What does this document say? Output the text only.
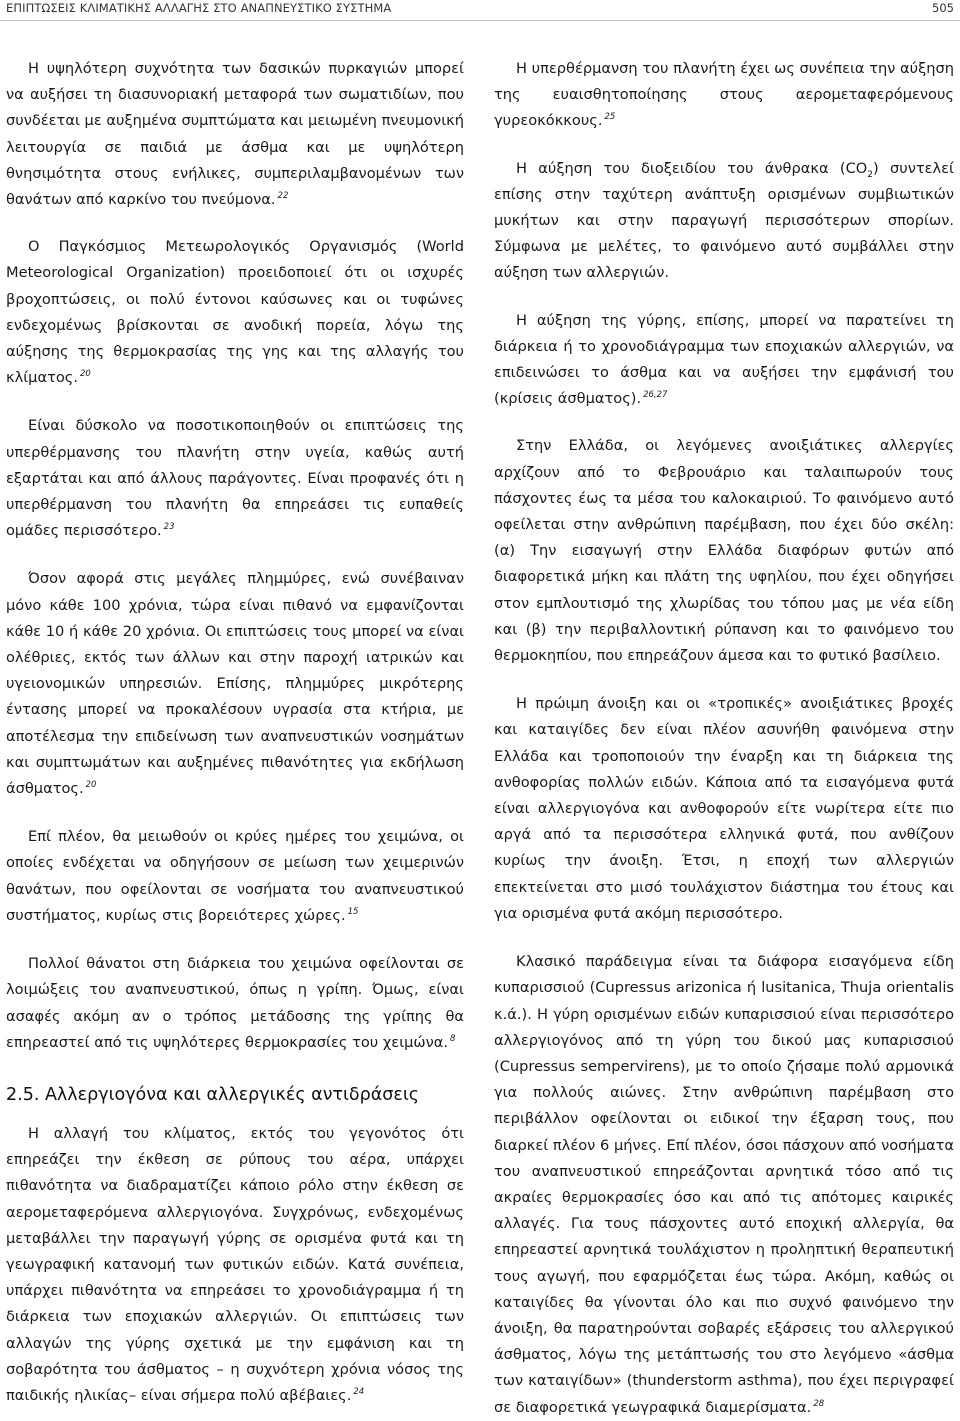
ΕΠΙΠΤΩΣΕΙΣ ΚΛΙΜΑΤΙΚΗΣ ΑΛΛΑΓΗΣ ΣΤΟ ΑΝΑΠΝΕΥΣΤΙΚΟ ΣΥΣΤΗΜΑ	505

Η υψηλότερη συχνότητα των δασικών πυρκαγιών μπορεί να αυξήσει τη διασυνοριακή μεταφορά των σωματιδίων, που συνδέεται με αυξημένα συμπτώματα και μειωμένη πνευμονική λειτουργία σε παιδιά με άσθμα και με υψηλότερη θνησιμότητα στους ενήλικες, συμπεριλαμβανομένων των θανάτων από καρκίνο του πνεύμονα. $^{22}$

Ο Παγκόσμιος Μετεωρολογικός Οργανισμός (World Meteorological Organization) προειδοποιεί ότι οι ισχυρές βροχοπτώσεις, οι πολύ έντονοι καύσωνες και οι τυφώνες ενδεχομένως βρίσκονται σε ανοδική πορεία, λόγω της αύξησης της θερμοκρασίας της γης και της αλλαγής του κλίματος. $^{20}$

Είναι δύσκολο να ποσοτικοποιηθούν οι επιπτώσεις της υπερθέρμανσης του πλανήτη στην υγεία, καθώς αυτή εξαρτάται και από άλλους παράγοντες. Είναι προφανές ότι η υπερθέρμανση του πλανήτη θα επηρεάσει τις ευπαθείς ομάδες περισσότερο. $^{23}$

Όσον αφορά στις μεγάλες πλημμύρες, ενώ συνέβαιναν μόνο κάθε 100 χρόνια, τώρα είναι πιθανό να εμφανίζονται κάθε 10 ή κάθε 20 χρόνια. Οι επιπτώσεις τους μπορεί να είναι ολέθριες, εκτός των άλλων και στην παροχή ιατρικών και υγειονομικών υπηρεσιών. Επίσης, πλημμύρες μικρότερης έντασης μπορεί να προκαλέσουν υγρασία στα κτήρια, με αποτέλεσμα την επιδείνωση των αναπνευστικών νοσημάτων και συμπτωμάτων και αυξημένες πιθανότητες για εκδήλωση άσθματος. $^{20}$

Επί πλέον, θα μειωθούν οι κρύες ημέρες του χειμώνα, οι οποίες ενδέχεται να οδηγήσουν σε μείωση των χειμερινών θανάτων, που οφείλονται σε νοσήματα του αναπνευστικού συστήματος, κυρίως στις βορειότερες χώρες. $^{15}$

Πολλοί θάνατοι στη διάρκεια του χειμώνα οφείλονται σε λοιμώξεις του αναπνευστικού, όπως η γρίπη. Όμως, είναι ασαφές ακόμη αν ο τρόπος μετάδοσης της γρίπης θα επηρεαστεί από τις υψηλότερες θερμοκρασίες του χειμώνα. $^8$

2.5. Αλλεργιογόνα και αλλεργικές αντιδράσεις

Η αλλαγή του κλίματος, εκτός του γεγονότος ότι επηρεάζει την έκθεση σε ρύπους του αέρα, υπάρχει πιθανότητα να διαδραματίζει κάποιο ρόλο στην έκθεση σε αερομεταφερόμενα αλλεργιογόνα. Συγχρόνως, ενδεχομένως μεταβάλλει την παραγωγή γύρης σε ορισμένα φυτά και τη γεωγραφική κατανομή των φυτικών ειδών. Κατά συνέπεια, υπάρχει πιθανότητα να επηρεάσει το χρονοδιάγραμμα ή τη διάρκεια των εποχιακών αλλεργιών. Οι επιπτώσεις των αλλαγών της γύρης σχετικά με την εμφάνιση και τη σοβαρότητα του άσθματος – η συχνότερη χρόνια νόσος της παιδικής ηλικίας– είναι σήμερα πολύ αβέβαιες. $^{24}$

Η υπερθέρμανση του πλανήτη έχει ως συνέπεια την αύξηση της ευαισθητοποίησης στους αερομεταφερόμενους γυρεοκόκκους. $^{25}$

Η αύξηση του διοξειδίου του άνθρακα $(CO_2)$ συντελεί επίσης στην ταχύτερη ανάπτυξη ορισμένων συμβιωτικών μυκήτων και στην παραγωγή περισσότερων σπορίων. Σύμφωνα με μελέτες, το φαινόμενο αυτό συμβάλλει στην αύξηση των αλλεργιών.

Η αύξηση της γύρης, επίσης, μπορεί να παρατείνει τη διάρκεια ή το χρονοδιάγραμμα των εποχιακών αλλεργιών, να επιδεινώσει το άσθμα και να αυξήσει την εμφάνισή του (κρίσεις άσθματος). $^{26,27}$

Στην Ελλάδα, οι λεγόμενες ανοιξιάτικες αλλεργίες αρχίζουν από το Φεβρουάριο και ταλαιπωρούν τους πάσχοντες έως τα μέσα του καλοκαιριού. Το φαινόμενο αυτό οφείλεται στην ανθρώπινη παρέμβαση, που έχει δύο σκέλη: (α) Την εισαγωγή στην Ελλάδα διαφόρων φυτών από διαφορετικά μήκη και πλάτη της υφηλίου, που έχει οδηγήσει στον εμπλουτισμό της χλωρίδας του τόπου μας με νέα είδη και (β) την περιβαλλοντική ρύπανση και το φαινόμενο του θερμοκηπίου, που επηρεάζουν άμεσα και το φυτικό βασίλειο.

Η πρώιμη άνοιξη και οι «τροπικές» ανοιξιάτικες βροχές και καταιγίδες δεν είναι πλέον ασυνήθη φαινόμενα στην Ελλάδα και τροποποιούν την έναρξη και τη διάρκεια της ανθοφορίας πολλών ειδών. Κάποια από τα εισαγόμενα φυτά είναι αλλεργιογόνα και ανθοφορούν είτε νωρίτερα είτε πιο αργά από τα περισσότερα ελληνικά φυτά, που ανθίζουν κυρίως την άνοιξη. Έτσι, η εποχή των αλλεργιών επεκτείνεται στο μισό τουλάχιστον διάστημα του έτους και για ορισμένα φυτά ακόμη περισσότερο.

Κλασικό παράδειγμα είναι τα διάφορα εισαγόμενα είδη κυπαρισσιού (Cupressus arizonica ή lusitanica, Thuja orientalis κ.ά.). Η γύρη ορισμένων ειδών κυπαρισσιού είναι περισσότερο αλλεργιογόνος από τη γύρη του δικού μας κυπαρισσιού (Cupressus sempervirens), με το οποίο ζήσαμε πολύ αρμονικά για πολλούς αιώνες. Στην ανθρώπινη παρέμβαση στο περιβάλλον οφείλονται οι ειδικοί την έξαρση τους, που διαρκεί πλέον 6 μήνες. Επί πλέον, όσοι πάσχουν από νοσήματα του αναπνευστικού επηρεάζονται αρνητικά τόσο από τις ακραίες θερμοκρασίες όσο και από τις απότομες καιρικές αλλαγές. Για τους πάσχοντες αυτό εποχική αλλεργία, θα επηρεαστεί αρνητικά τουλάχιστον η προληπτική θεραπευτική τους αγωγή, που εφαρμόζεται έως τώρα. Ακόμη, καθώς οι καταιγίδες θα γίνονται όλο και πιο συχνό φαινόμενο την άνοιξη, θα παρατηρούνται σοβαρές εξάρσεις του αλλεργικού άσθματος, λόγω της μετάπτωσής του στο λεγόμενο «άσθμα των καταιγίδων» (thunderstorm asthma), που έχει περιγραφεί σε διαφορετικά γεωγραφικά διαμερίσματα. $^{28}$
